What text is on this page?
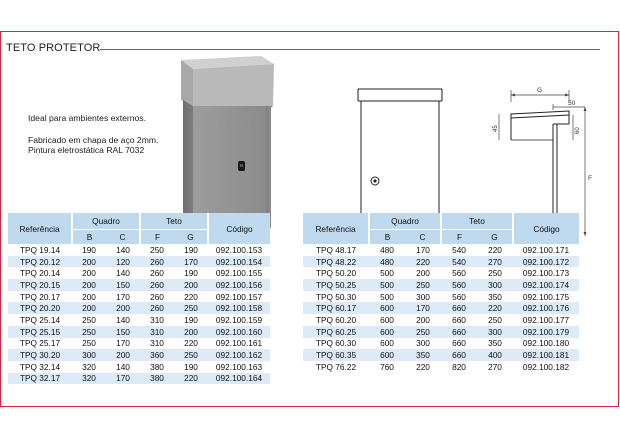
TETO PROTETOR
Ideal para ambientes externos.
Fabricado em chapa de aço 2mm.
Pintura eletrostática RAL 7032
G
50
45	60
F
Referência	Quadro		Teto		Código
	B	C	F	G	
TPQ 19.14	190	140	250	190	092.100.153
TPQ 20.12	200	120	260	170	092.100.154
TPQ 20.14	200	140	260	190	092.100.155
TPQ 20.15	200	150	260	200	092.100.156
TPQ 20.17	200	170	260	220	092.100.157
TPQ 20.20	200	200	260	250	092.100.158
TPQ 25.14	250	140	310	190	092.100.159
TPQ 25.15	250	150	310	200	092.100.160
TPQ 25.17	250	170	310	220	092.100.161
TPQ 30.20	300	200	360	250	092.100.162
TPQ 32.14	320	140	380	190	092.100.163
TPQ 32.17	320	170	380	220	092.100.164
Referência	Quadro		Teto		Código
	B	C	F	G	
TPQ 48.17	480	170	540	220	092.100.171
TPQ 48.22	480	220	540	270	092.100.172
TPQ 50.20	500	200	560	250	092.100.173
TPQ 50.25	500	250	560	300	092.100.174
TPQ 50.30	500	300	560	350	092.100.175
TPQ 60.17	600	170	660	220	092.100.176
TPQ 60.20	600	200	660	250	092.100.177
TPQ 60.25	600	250	660	300	092.100.179
TPQ 60.30	600	300	660	350	092.100.180
TPQ 60.35	600	350	660	400	092.100.181
TPQ 76.22	760	220	820	270	092.100.182
